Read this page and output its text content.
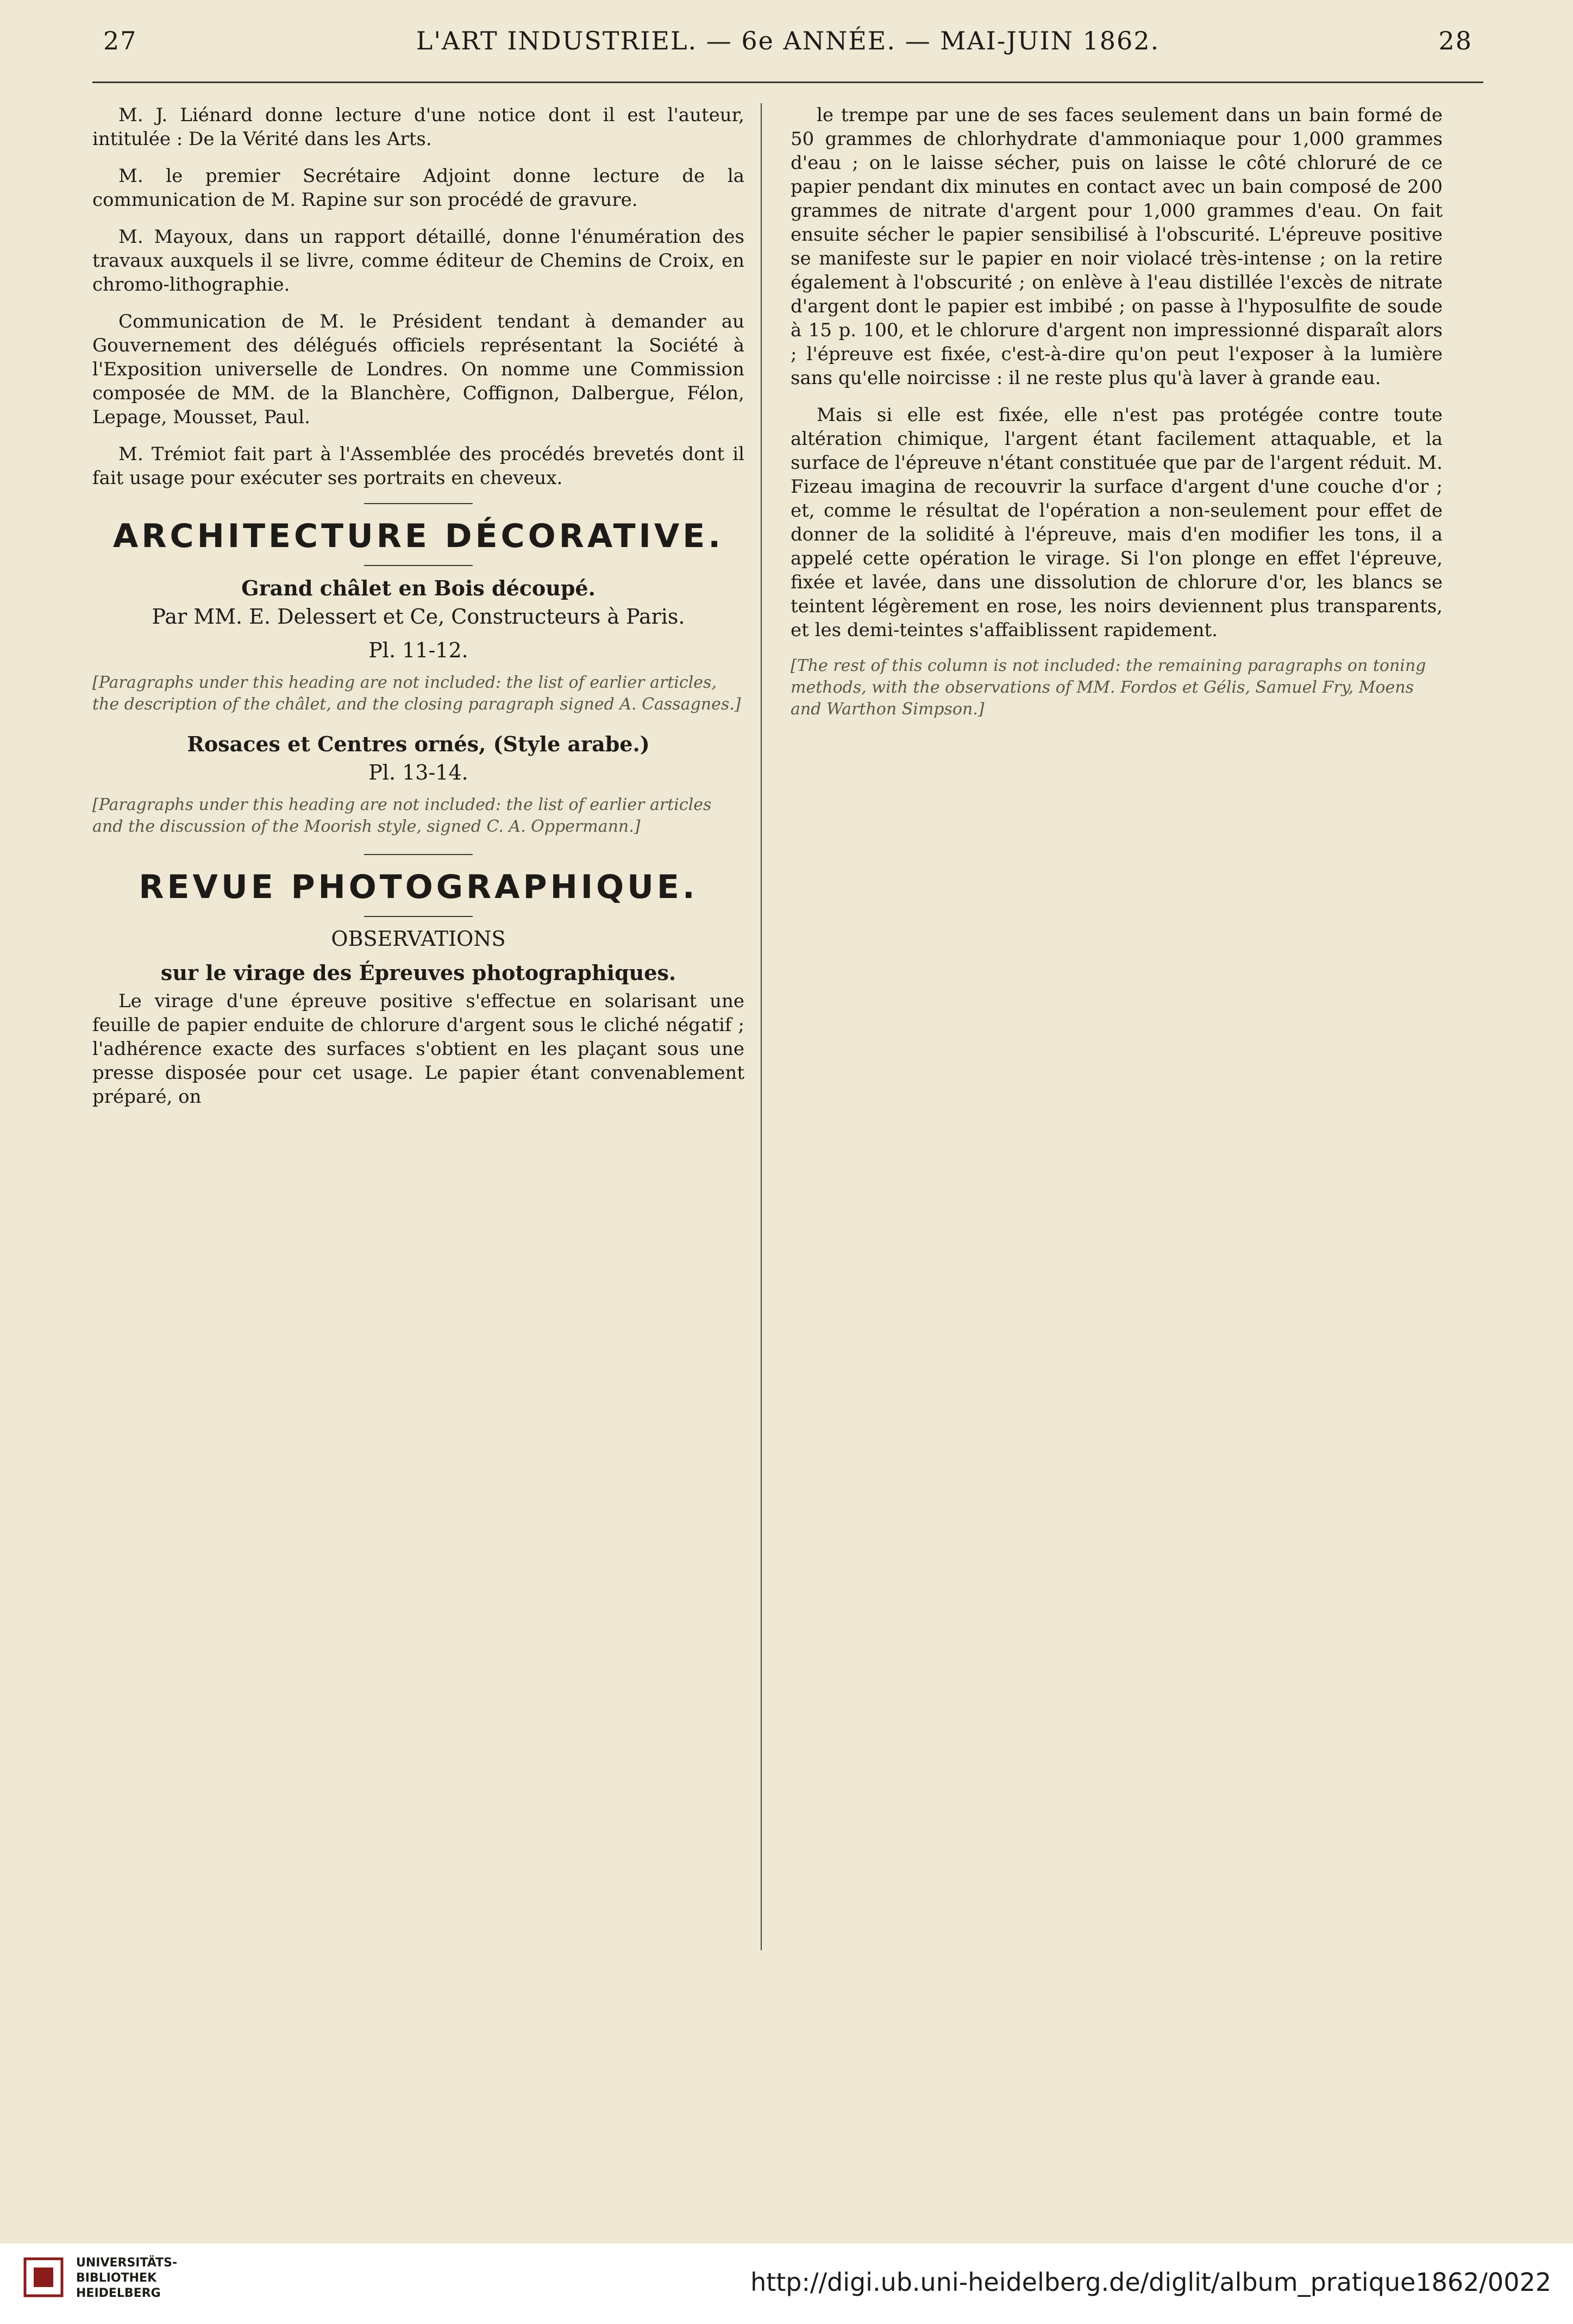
27	L'ART INDUSTRIEL. — 6e ANNÉE. — MAI-JUIN 1862.	28

M. J. Liénard donne lecture d'une notice dont il est l'auteur, intitulée : De la Vérité dans les Arts.

M. le premier Secrétaire Adjoint donne lecture de la communication de M. Rapine sur son procédé de gravure.

M. Mayoux, dans un rapport détaillé, donne l'énumération des travaux auxquels il se livre, comme éditeur de Chemins de Croix, en chromo-lithographie.

Communication de M. le Président tendant à demander au Gouvernement des délégués officiels représentant la Société à l'Exposition universelle de Londres. On nomme une Commission composée de MM. de la Blanchère, Coffignon, Dalbergue, Félon, Lepage, Mousset, Paul.

M. Trémiot fait part à l'Assemblée des procédés brevetés dont il fait usage pour exécuter ses portraits en cheveux.

ARCHITECTURE DÉCORATIVE.
Grand châlet en Bois découpé.
Par MM. E. Delessert et Ce, Constructeurs à Paris.
Pl. 11-12.
[Paragraphs under this heading are not included: the list of earlier articles, the description of the châlet, and the closing paragraph signed A. Cassagnes.]
Rosaces et Centres ornés, (Style arabe.)
Pl. 13-14.
[Paragraphs under this heading are not included: the list of earlier articles and the discussion of the Moorish style, signed C. A. Oppermann.]
REVUE PHOTOGRAPHIQUE.
OBSERVATIONS
sur le virage des Épreuves photographiques.

Le virage d'une épreuve positive s'effectue en solarisant une feuille de papier enduite de chlorure d'argent sous le cliché négatif ; l'adhérence exacte des surfaces s'obtient en les plaçant sous une presse disposée pour cet usage. Le papier étant convenablement préparé, on

le trempe par une de ses faces seulement dans un bain formé de 50 grammes de chlorhydrate d'ammoniaque pour 1,000 grammes d'eau ; on le laisse sécher, puis on laisse le côté chloruré de ce papier pendant dix minutes en contact avec un bain composé de 200 grammes de nitrate d'argent pour 1,000 grammes d'eau. On fait ensuite sécher le papier sensibilisé à l'obscurité. L'épreuve positive se manifeste sur le papier en noir violacé très-intense ; on la retire également à l'obscurité ; on enlève à l'eau distillée l'excès de nitrate d'argent dont le papier est imbibé ; on passe à l'hyposulfite de soude à 15 p. 100, et le chlorure d'argent non impressionné disparaît alors ; l'épreuve est fixée, c'est-à-dire qu'on peut l'exposer à la lumière sans qu'elle noircisse : il ne reste plus qu'à laver à grande eau.

Mais si elle est fixée, elle n'est pas protégée contre toute altération chimique, l'argent étant facilement attaquable, et la surface de l'épreuve n'étant constituée que par de l'argent réduit. M. Fizeau imagina de recouvrir la surface d'argent d'une couche d'or ; et, comme le résultat de l'opération a non-seulement pour effet de donner de la solidité à l'épreuve, mais d'en modifier les tons, il a appelé cette opération le virage. Si l'on plonge en effet l'épreuve, fixée et lavée, dans une dissolution de chlorure d'or, les blancs se teintent légèrement en rose, les noirs deviennent plus transparents, et les demi-teintes s'affaiblissent rapidement.

[The rest of this column is not included: the remaining paragraphs on toning methods, with the observations of MM. Fordos et Gélis, Samuel Fry, Moens and Warthon Simpson.]
UNIVERSITÄTS-
BIBLIOTHEK
HEIDELBERG	http://digi.ub.uni-heidelberg.de/diglit/album_pratique1862/0022
